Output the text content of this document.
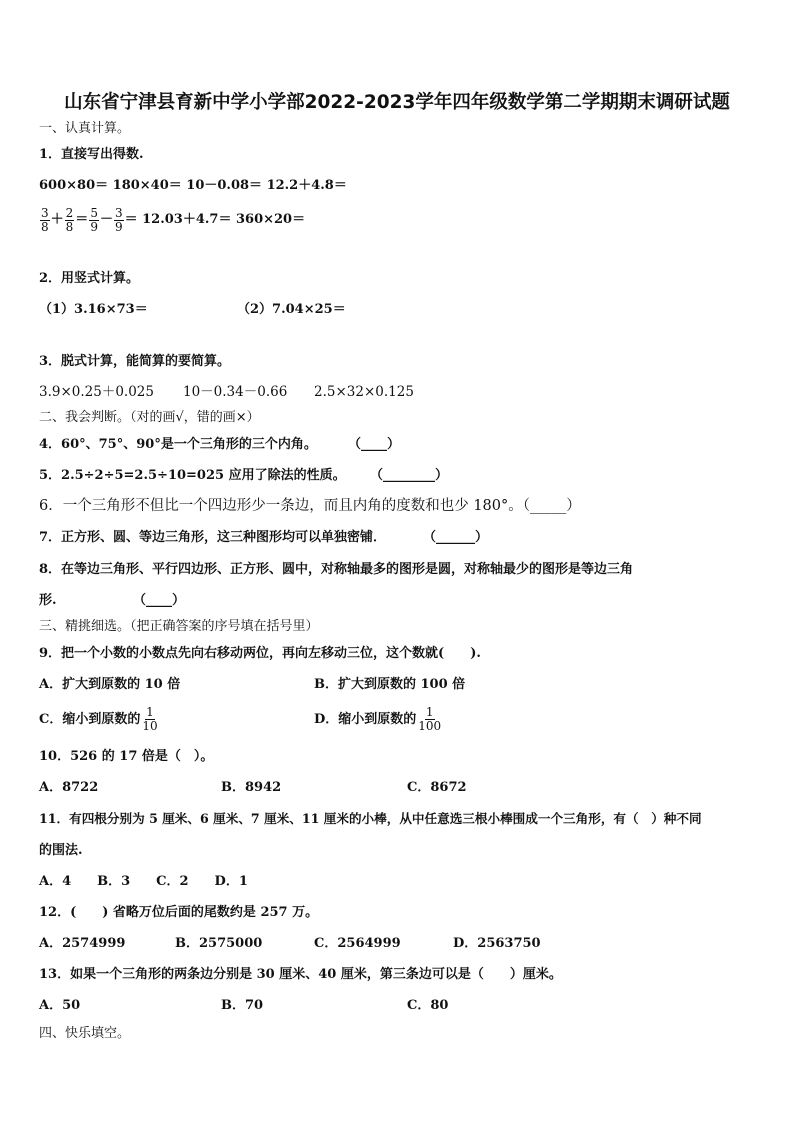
山东省宁津县育新中学小学部2022-2023学年四年级数学第二学期期末调研试题
一、认真计算。
1．直接写出得数.
600×80＝ 180×40＝ 10－0.08＝ 12.2＋4.8＝
$\frac{3}{8} + \frac{2}{8} = \frac{5}{9} - \frac{3}{9} = 12.03+4.7= 360\times 20=$
2．用竖式计算。
（1）3.16×73＝	（2）7.04×25＝
3．脱式计算，能简算的要简算。
3.9×0.25＋0.025 10－0.34－0.66 2.5×32×0.125
二、我会判断。（对的画√，错的画×）
4．60°、75°、90°是一个三角形的三个内角。 （____）
5．2.5÷2÷5=2.5÷10=025 应用了除法的性质。 （________）
6．一个三角形不但比一个四边形少一条边，而且内角的度数和也少 180°。（_____）
7．正方形、圆、等边三角形，这三种图形均可以单独密铺．	（______）
8．在等边三角形、平行四边形、正方形、圆中，对称轴最多的图形是圆，对称轴最少的图形是等边三角
形.	（____）
三、精挑细选。（把正确答案的序号填在括号里）
9．把一个小数的小数点先向右移动两位，再向左移动三位，这个数就(　　).
A．扩大到原数的 10 倍	B．扩大到原数的 100 倍
C．缩小到原数的 $\frac{1}{10}$	D．缩小到原数的 $\frac{1}{100}$
10．526 的 17 倍是（　）。
A．8722	B．8942	C．8672
11．有四根分别为 5 厘米、6 厘米、7 厘米、11 厘米的小棒，从中任意选三根小棒围成一个三角形，有（　）种不同
的围法.
A．4　　B．3　　C．2　　D．1
12．(　　) 省略万位后面的尾数约是 257 万。
A．2574999	B．2575000	C．2564999	D．2563750
13．如果一个三角形的两条边分别是 30 厘米、40 厘米，第三条边可以是（　　）厘米。
A．50	B．70	C．80
四、快乐填空。
